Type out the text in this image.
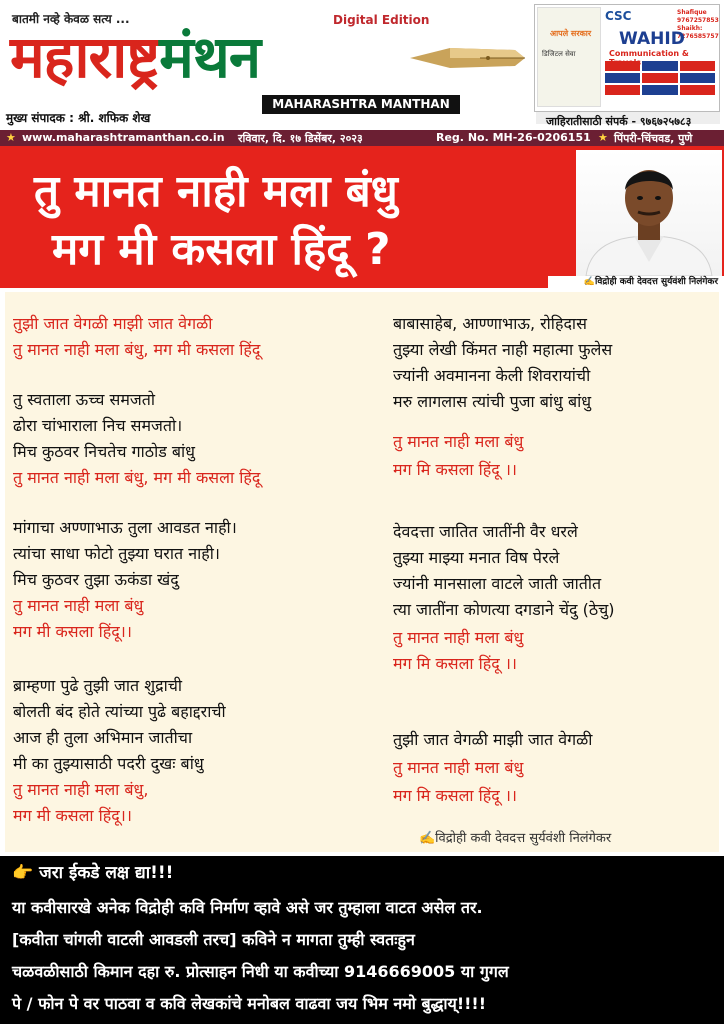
बातमी नव्हे केवळ सत्य ...
महाराष्ट्रमंथन
Digital Edition
MAHARASHTRA MANTHAN
मुख्य संपादक : श्री. शफिक शेख
आपले सरकार
डिजिटल सेवा
CSC	Shafique 9767257853
Shaikh: 7276585757
WAHID
Communication &
जाहिरातीसाठी संपर्क - ९७६७२५७८३
★ www.maharashtramanthan.co.in रविवार, दि. १७ डिसेंबर, २०२३	Reg. No. MH-26-0206151 ★ पिंपरी-चिंचवड, पुणे
तु मानत नाही मला बंधु
मग मी कसला हिंदू ?
✍️विद्रोही कवी देवदत्त सुर्यवंशी निलंगेकर
तुझी जात वेगळी माझी जात वेगळी
तु मानत नाही मला बंधु, मग मी कसला हिंदू
तु स्वताला ऊच्च समजतो
ढोरा चांभाराला निच समजतो।
मिच कुठवर निचतेच गाठोड बांधु
तु मानत नाही मला बंधु, मग मी कसला हिंदू
मांगाचा अण्णाभाऊ तुला आवडत नाही।
त्यांचा साधा फोटो तुझ्या घरात नाही।
मिच कुठवर तुझा ऊकंडा खंदु
तु मानत नाही मला बंधु
मग मी कसला हिंदू।।
ब्राम्हणा पुढे तुझी जात शुद्राची
बोलती बंद होते त्यांच्या पुढे बहाद्दराची
आज ही तुला अभिमान जातीचा
मी का तुझ्यासाठी पदरी दुखः बांधु
तु मानत नाही मला बंधु,
मग मी कसला हिंदू।।
बाबासाहेब, आण्णाभाऊ, रोहिदास
तुझ्या लेखी किंमत नाही महात्मा फुलेस
ज्यांनी अवमानना केली शिवरायांची
मरु लागलास त्यांची पुजा बांधु बांधु
तु मानत नाही मला बंधु
मग मि कसला हिंदू ।।
देवदत्ता जातित जातींनी वैर धरले
तुझ्या माझ्या मनात विष पेरले
ज्यांनी मानसाला वाटले जाती जातीत
त्या जातींना कोणत्या दगडाने चेंदु (ठेचु)
तु मानत नाही मला बंधु
मग मि कसला हिंदू ।।
तुझी जात वेगळी माझी जात वेगळी
तु मानत नाही मला बंधु
मग मि कसला हिंदू ।।
✍️विद्रोही कवी देवदत्त सुर्यवंशी निलंगेकर
👉 जरा ईकडे लक्ष द्या!!!
या कवीसारखे अनेक विद्रोही कवि निर्माण व्हावे असे जर तुम्हाला वाटत असेल तर.
[कवीता चांगली वाटली आवडली तरच] कविने न मागता तुम्ही स्वतःहुन
चळवळीसाठी किमान दहा रु. प्रोत्साहन निधी या कवीच्या 9146669005 या गुगल
पे / फोन पे वर पाठवा व कवि लेखकांचे मनोबल वाढवा जय भिम नमो बुद्धाय्!!!!
